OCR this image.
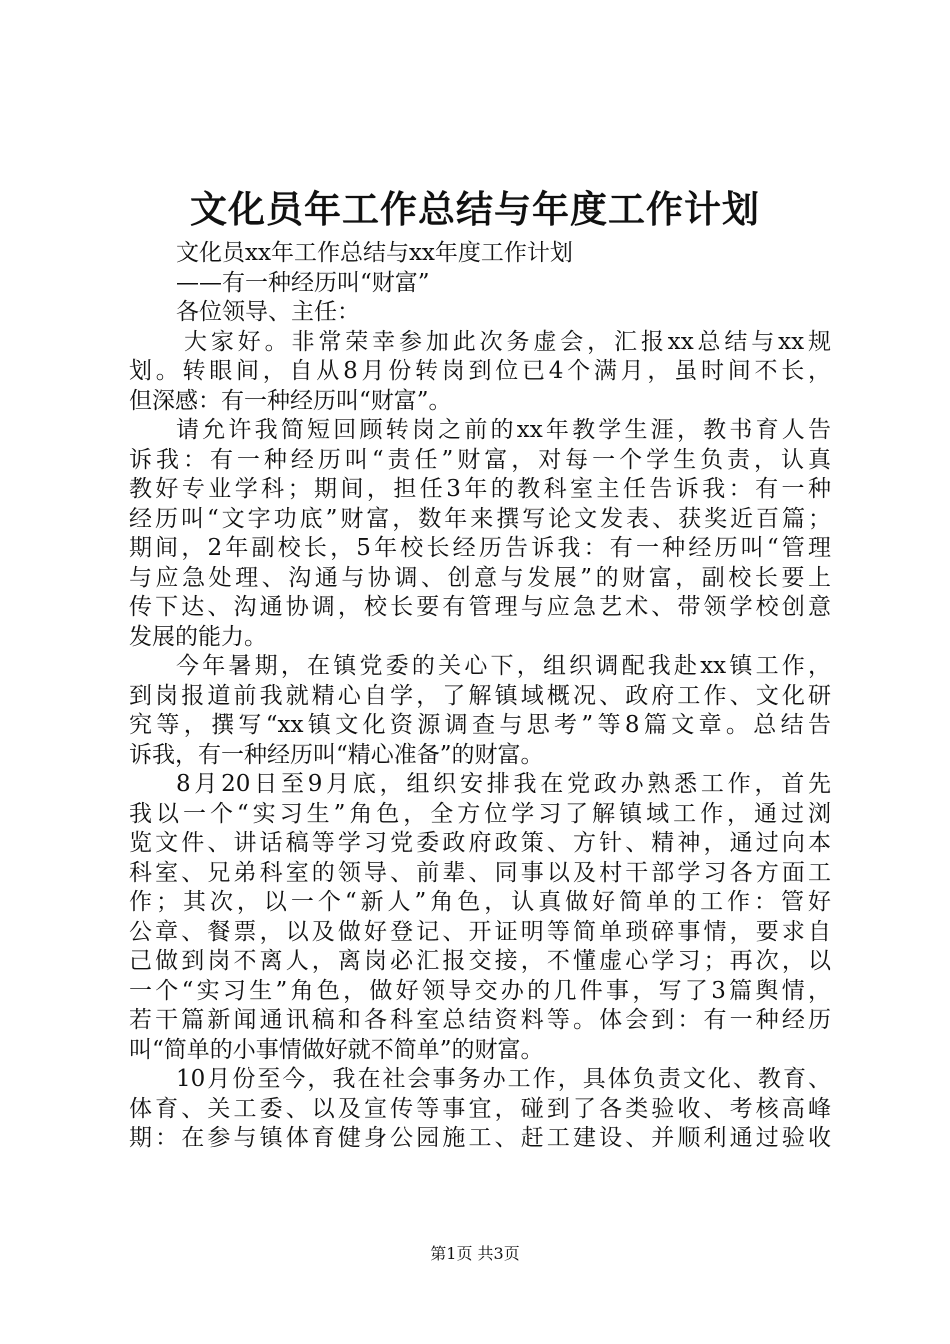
文化员年工作总结与年度工作计划
文化员xx年工作总结与xx年度工作计划
——有一种经历叫“财富”
各位领导、主任：
大家好。非常荣幸参加此次务虚会，汇报xx总结与xx规
划。转眼间，自从8月份转岗到位已4个满月，虽时间不长，
但深感：有一种经历叫“财富”。
请允许我简短回顾转岗之前的xx年教学生涯，教书育人告
诉我：有一种经历叫“责任”财富，对每一个学生负责，认真
教好专业学科；期间，担任3年的教科室主任告诉我：有一种
经历叫“文字功底”财富，数年来撰写论文发表、获奖近百篇；
期间，2年副校长，5年校长经历告诉我：有一种经历叫“管理
与应急处理、沟通与协调、创意与发展”的财富，副校长要上
传下达、沟通协调，校长要有管理与应急艺术、带领学校创意
发展的能力。
今年暑期，在镇党委的关心下，组织调配我赴xx镇工作，
到岗报道前我就精心自学，了解镇域概况、政府工作、文化研
究等，撰写“xx镇文化资源调查与思考”等8篇文章。总结告
诉我，有一种经历叫“精心准备”的财富。
8月20日至9月底，组织安排我在党政办熟悉工作，首先
我以一个“实习生”角色，全方位学习了解镇域工作，通过浏
览文件、讲话稿等学习党委政府政策、方针、精神，通过向本
科室、兄弟科室的领导、前辈、同事以及村干部学习各方面工
作；其次，以一个“新人”角色，认真做好简单的工作：管好
公章、餐票，以及做好登记、开证明等简单琐碎事情，要求自
己做到岗不离人，离岗必汇报交接，不懂虚心学习；再次，以
一个“实习生”角色，做好领导交办的几件事，写了3篇舆情，
若干篇新闻通讯稿和各科室总结资料等。体会到：有一种经历
叫“简单的小事情做好就不简单”的财富。
10月份至今，我在社会事务办工作，具体负责文化、教育、
体育、关工委、以及宣传等事宜，碰到了各类验收、考核高峰
期：在参与镇体育健身公园施工、赶工建设、并顺利通过验收
第1页 共3页
